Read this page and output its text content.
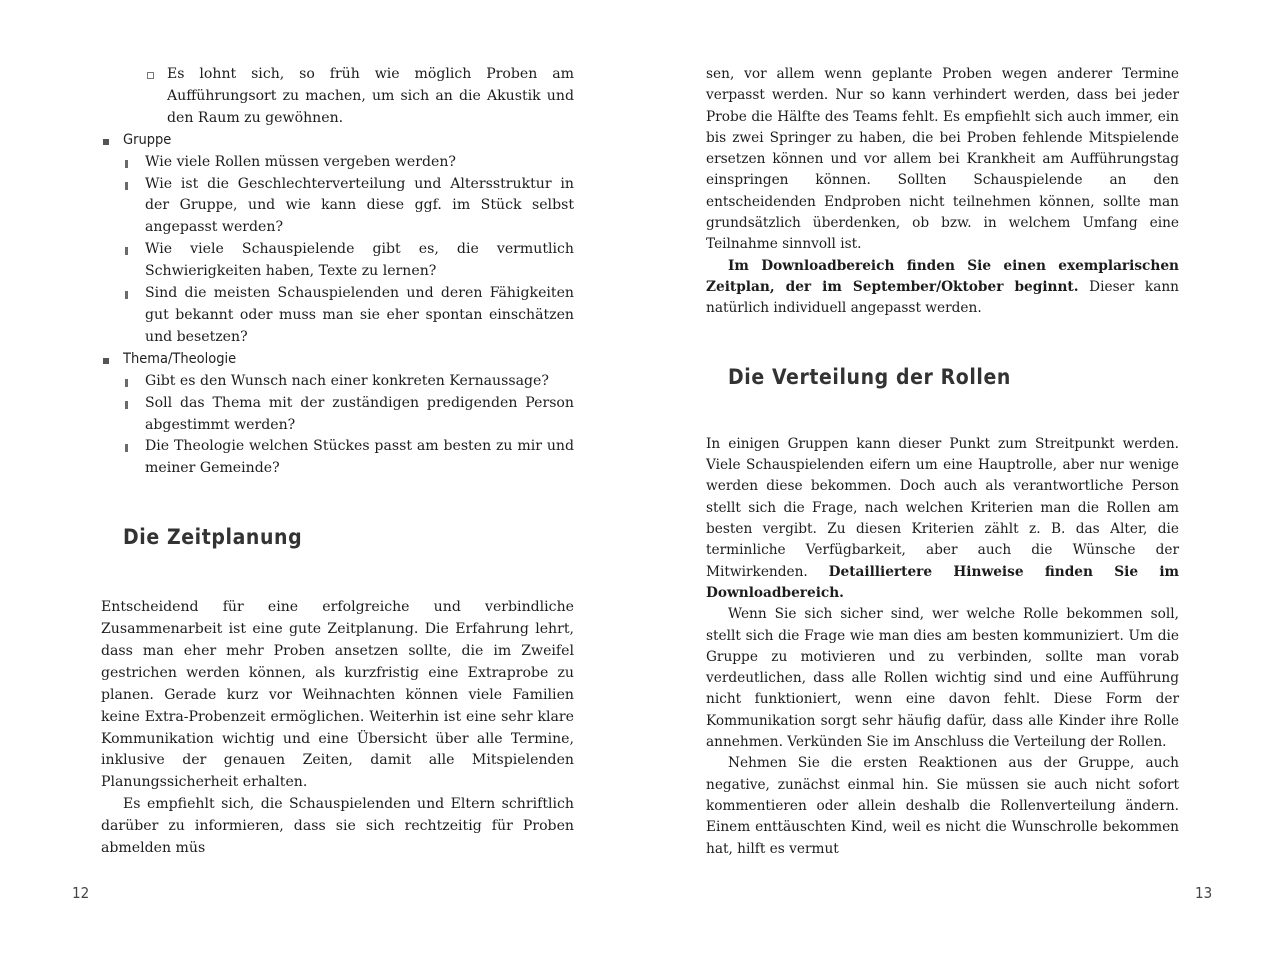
Es lohnt sich, so früh wie möglich Proben am Aufführungsort zu machen, um sich an die Akustik und den Raum zu gewöhnen.
Gruppe
Wie viele Rollen müssen vergeben werden?
Wie ist die Geschlechterverteilung und Altersstruktur in der Gruppe, und wie kann diese ggf. im Stück selbst angepasst werden?
Wie viele Schauspielende gibt es, die vermutlich Schwierigkeiten haben, Texte zu lernen?
Sind die meisten Schauspielenden und deren Fähigkeiten gut bekannt oder muss man sie eher spontan einschätzen und besetzen?
Thema/Theologie
Gibt es den Wunsch nach einer konkreten Kernaussage?
Soll das Thema mit der zuständigen predigenden Person abgestimmt werden?
Die Theologie welchen Stückes passt am besten zu mir und meiner Gemeinde?
Die Zeitplanung

Entscheidend für eine erfolgreiche und verbindliche Zusammenarbeit ist eine gute Zeitplanung. Die Erfahrung lehrt, dass man eher mehr Proben ansetzen sollte, die im Zweifel gestrichen werden können, als kurzfristig eine Extraprobe zu planen. Gerade kurz vor Weihnachten können viele Familien keine Extra-Probenzeit ermöglichen. Weiterhin ist eine sehr klare Kommunikation wichtig und eine Übersicht über alle Termine, inklusive der genauen Zeiten, damit alle Mitspielenden Planungssicherheit erhalten.

Es empfiehlt sich, die Schauspielenden und Eltern schriftlich darüber zu informieren, dass sie sich rechtzeitig für Proben abmelden müs

12

sen, vor allem wenn geplante Proben wegen anderer Termine verpasst werden. Nur so kann verhindert werden, dass bei jeder Probe die Hälfte des Teams fehlt. Es empfiehlt sich auch immer, ein bis zwei Springer zu haben, die bei Proben fehlende Mitspielende ersetzen können und vor allem bei Krankheit am Aufführungstag einspringen können. Sollten Schauspielende an den entscheidenden Endproben nicht teilnehmen können, sollte man grundsätzlich überdenken, ob bzw. in welchem Umfang eine Teilnahme sinnvoll ist.

Im Downloadbereich finden Sie einen exemplarischen Zeitplan, der im September/Oktober beginnt. Dieser kann natürlich individuell angepasst werden.

Die Verteilung der Rollen

In einigen Gruppen kann dieser Punkt zum Streitpunkt werden. Viele Schauspielenden eifern um eine Hauptrolle, aber nur wenige werden diese bekommen. Doch auch als verantwortliche Person stellt sich die Frage, nach welchen Kriterien man die Rollen am besten vergibt. Zu diesen Kriterien zählt z. B. das Alter, die terminliche Verfügbarkeit, aber auch die Wünsche der Mitwirkenden. Detailliertere Hinweise finden Sie im Downloadbereich.

Wenn Sie sich sicher sind, wer welche Rolle bekommen soll, stellt sich die Frage wie man dies am besten kommuniziert. Um die Gruppe zu motivieren und zu verbinden, sollte man vorab verdeutlichen, dass alle Rollen wichtig sind und eine Aufführung nicht funktioniert, wenn eine davon fehlt. Diese Form der Kommunikation sorgt sehr häufig dafür, dass alle Kinder ihre Rolle annehmen. Verkünden Sie im Anschluss die Verteilung der Rollen.

Nehmen Sie die ersten Reaktionen aus der Gruppe, auch negative, zunächst einmal hin. Sie müssen sie auch nicht sofort kommentieren oder allein deshalb die Rollenverteilung ändern. Einem enttäuschten Kind, weil es nicht die Wunschrolle bekommen hat, hilft es vermut

13
